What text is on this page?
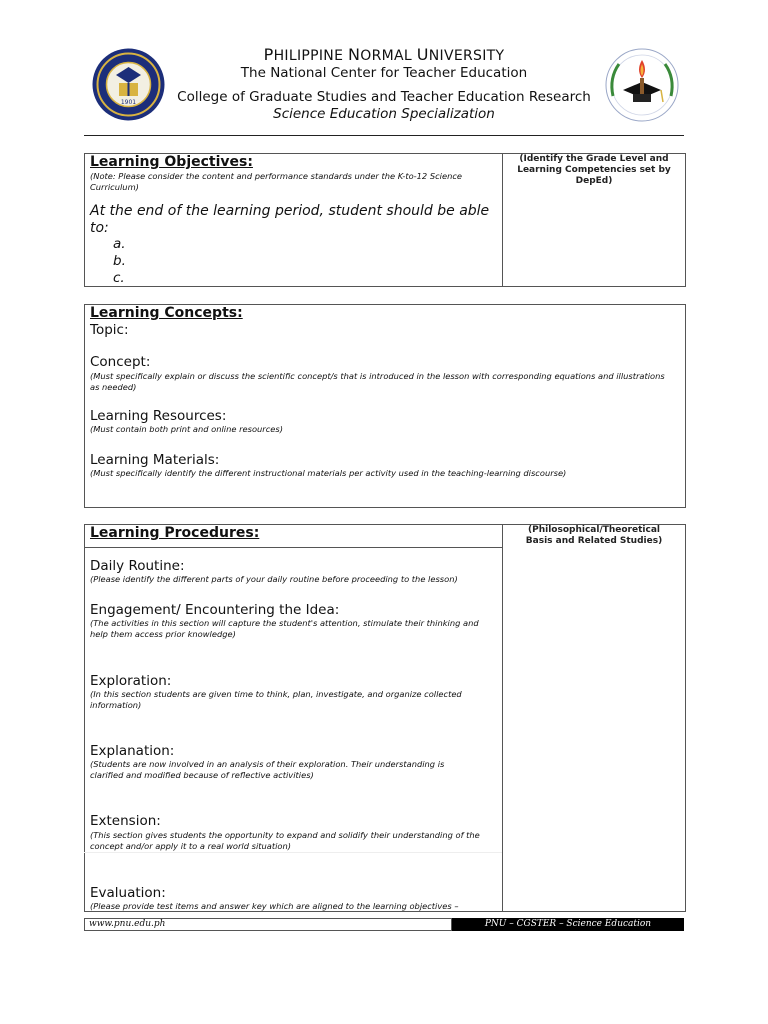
1901
PHILIPPINE NORMAL UNIVERSITY
The National Center for Teacher Education
College of Graduate Studies and Teacher Education Research
Science Education Specialization
Learning Objectives:
(Note: Please consider the content and performance standards under the K-to-12 Science Curriculum)
At the end of the learning period, student should be able to:
a.
b.
c.
(Identify the Grade Level and Learning Competencies set by DepEd)
Learning Concepts:
Topic:
Concept:
(Must specifically explain or discuss the scientific concept/s that is introduced in the lesson with corresponding equations and illustrations as needed)
Learning Resources:
(Must contain both print and online resources)
Learning Materials:
(Must specifically identify the different instructional materials per activity used in the teaching-learning discourse)
Learning Procedures:	(Philosophical/Theoretical Basis and Related Studies)
Daily Routine:
(Please identify the different parts of your daily routine before proceeding to the lesson)
Engagement/ Encountering the Idea:
(The activities in this section will capture the student's attention, stimulate their thinking and help them access prior knowledge)
Exploration:
(In this section students are given time to think, plan, investigate, and organize collected information)
Explanation:
(Students are now involved in an analysis of their exploration. Their understanding is clarified and modified because of reflective activities)
Extension:
(This section gives students the opportunity to expand and solidify their understanding of the concept and/or apply it to a real world situation)
Evaluation:
(Please provide test items and answer key which are aligned to the learning objectives –
www.pnu.edu.ph	PNU – CGSTER – Science Education Specialization
